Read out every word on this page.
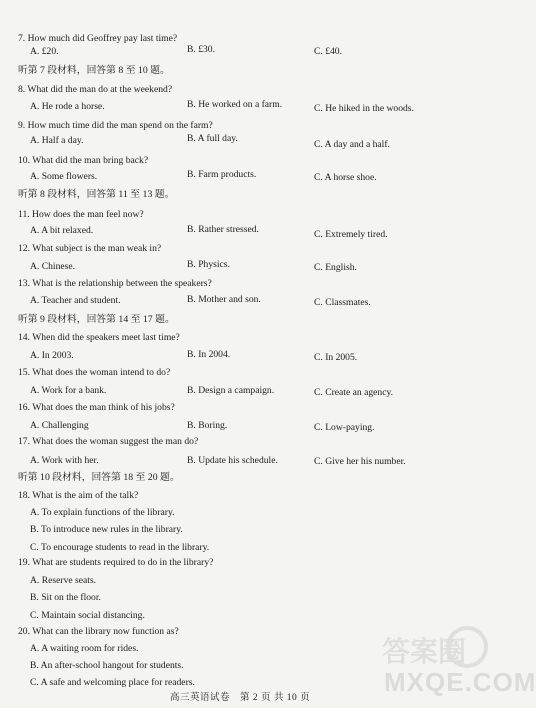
7. How much did Geoffrey pay last time?
A. £20.	B. £30.	C. £40.
听第 7 段材料，回答第 8 至 10 题。
8. What did the man do at the weekend?
A. He rode a horse.	B. He worked on a farm.	C. He hiked in the woods.
9. How much time did the man spend on the farm?
A. Half a day.	B. A full day.
C. A day and a half.
10. What did the man bring back?
A. Some flowers.	B. Farm products.	C. A horse shoe.
听第 8 段材料，回答第 11 至 13 题。
11. How does the man feel now?
A. A bit relaxed.	B. Rather stressed.	C. Extremely tired.
12. What subject is the man weak in?
A. Chinese.	B. Physics.	C. English.
13. What is the relationship between the speakers?
A. Teacher and student.	B. Mother and son.	C. Classmates.
听第 9 段材料，回答第 14 至 17 题。
14. When did the speakers meet last time?
A. In 2003.	B. In 2004.	C. In 2005.
15. What does the woman intend to do?
A. Work for a bank.	B. Design a campaign.	C. Create an agency.
16. What does the man think of his jobs?
A. Challenging	B. Boring.	C. Low-paying.
17. What does the woman suggest the man do?
A. Work with her.	B. Update his schedule.	C. Give her his number.
听第 10 段材料，回答第 18 至 20 题。
18. What is the aim of the talk?
A. To explain functions of the library.
B. To introduce new rules in the library.
C. To encourage students to read in the library.
19. What are students required to do in the library?
A. Reserve seats.
B. Sit on the floor.
C. Maintain social distancing.
20. What can the library now function as?
A. A waiting room for rides.
B. An after-school hangout for students.
C. A safe and welcoming place for readers.
高三英语试卷　第 2 页 共 10 页
答案圈
MXQE.COM
